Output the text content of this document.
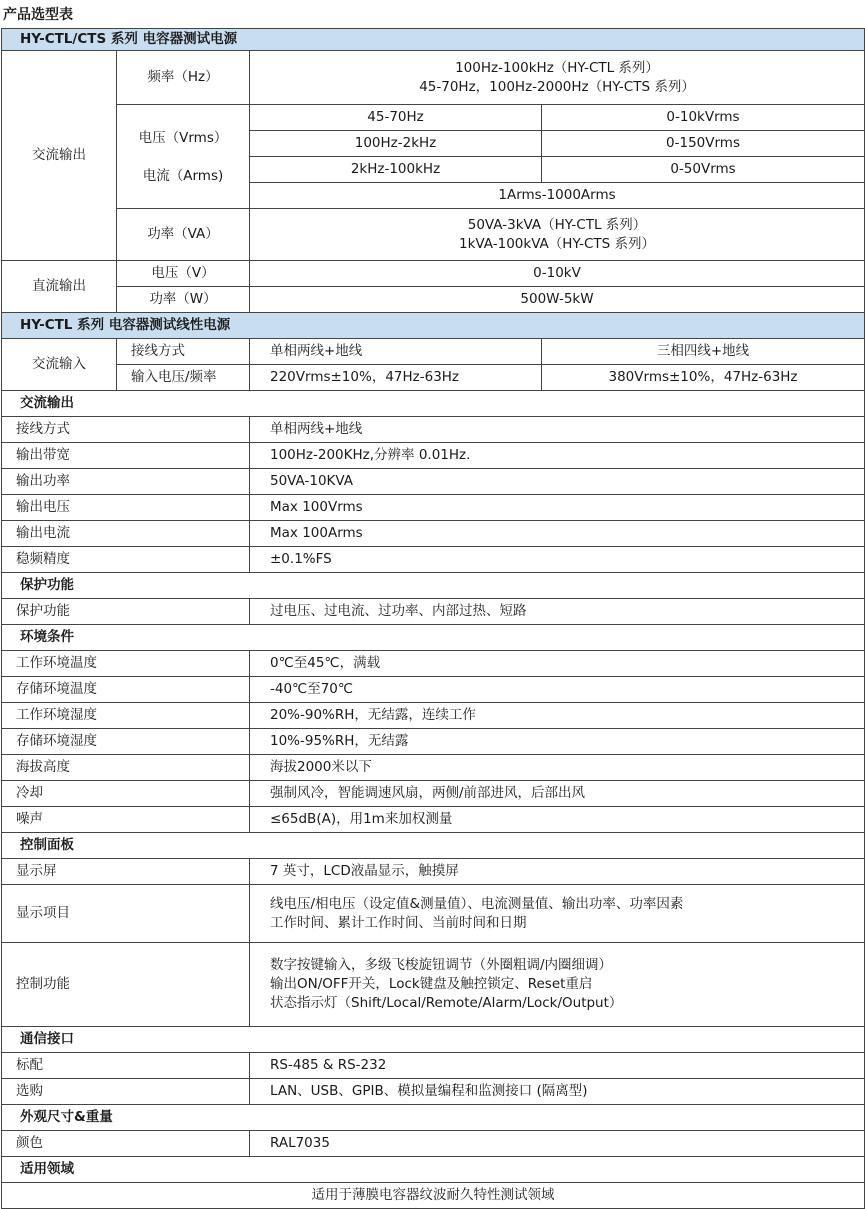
产品选型表
HY-CTL/CTS 系列 电容器测试电源			
交流输出	频率（Hz）	100Hz-100kHz（HY-CTL 系列）
45-70Hz，100Hz-2000Hz（HY-CTS 系列）	

	电压（Vrms）
电流（Arms)	45-70Hz	0-10kVrms
		100Hz-2kHz	0-150Vrms
		2kHz-100kHz	0-50Vrms
		1Arms-1000Arms	
	功率（VA）	50VA-3kVA（HY-CTL 系列）
1kVA-100kVA（HY-CTS 系列）	

直流输出	电压（V）	0-10kV	
	功率（W）	500W-5kW	
HY-CTL 系列 电容器测试线性电源			
交流输入	接线方式	单相两线+地线	三相四线+地线
	输入电压/频率	220Vrms±10%，47Hz-63Hz	380Vrms±10%，47Hz-63Hz
交流输出			
接线方式		单相两线+地线	
输出带宽		100Hz-200KHz,分辨率 0.01Hz.	
输出功率		50VA-10KVA	
输出电压		Max 100Vrms	
输出电流		Max 100Arms	
稳频精度		±0.1%FS	
保护功能			
保护功能		过电压、过电流、过功率、内部过热、短路	
环境条件			
工作环境温度		0℃至45℃，满载	
存储环境温度		-40℃至70℃	
工作环境湿度		20%-90%RH，无结露，连续工作	
存储环境湿度		10%-95%RH，无结露	
海拔高度		海拔2000米以下	
冷却		强制风冷，智能调速风扇，两侧/前部进风，后部出风	
噪声		≤65dB(A)，用1m来加权测量	
控制面板			
显示屏		7 英寸，LCD液晶显示，触摸屏	
显示项目		线电压/相电压（设定值&测量值）、电流测量值、输出功率、功率因素
工作时间、累计工作时间、当前时间和日期	

控制功能		数字按键输入，多级飞梭旋钮调节（外圈粗调/内圈细调）
输出ON/OFF开关，Lock键盘及触控锁定、Reset重启
状态指示灯（Shift/Local/Remote/Alarm/Lock/Output）	

通信接口			
标配		RS-485 & RS-232	
选购		LAN、USB、GPIB、模拟量编程和监测接口 (隔离型)	
外观尺寸&重量			
颜色		RAL7035	
适用领域			
适用于薄膜电容器纹波耐久特性测试领域			
